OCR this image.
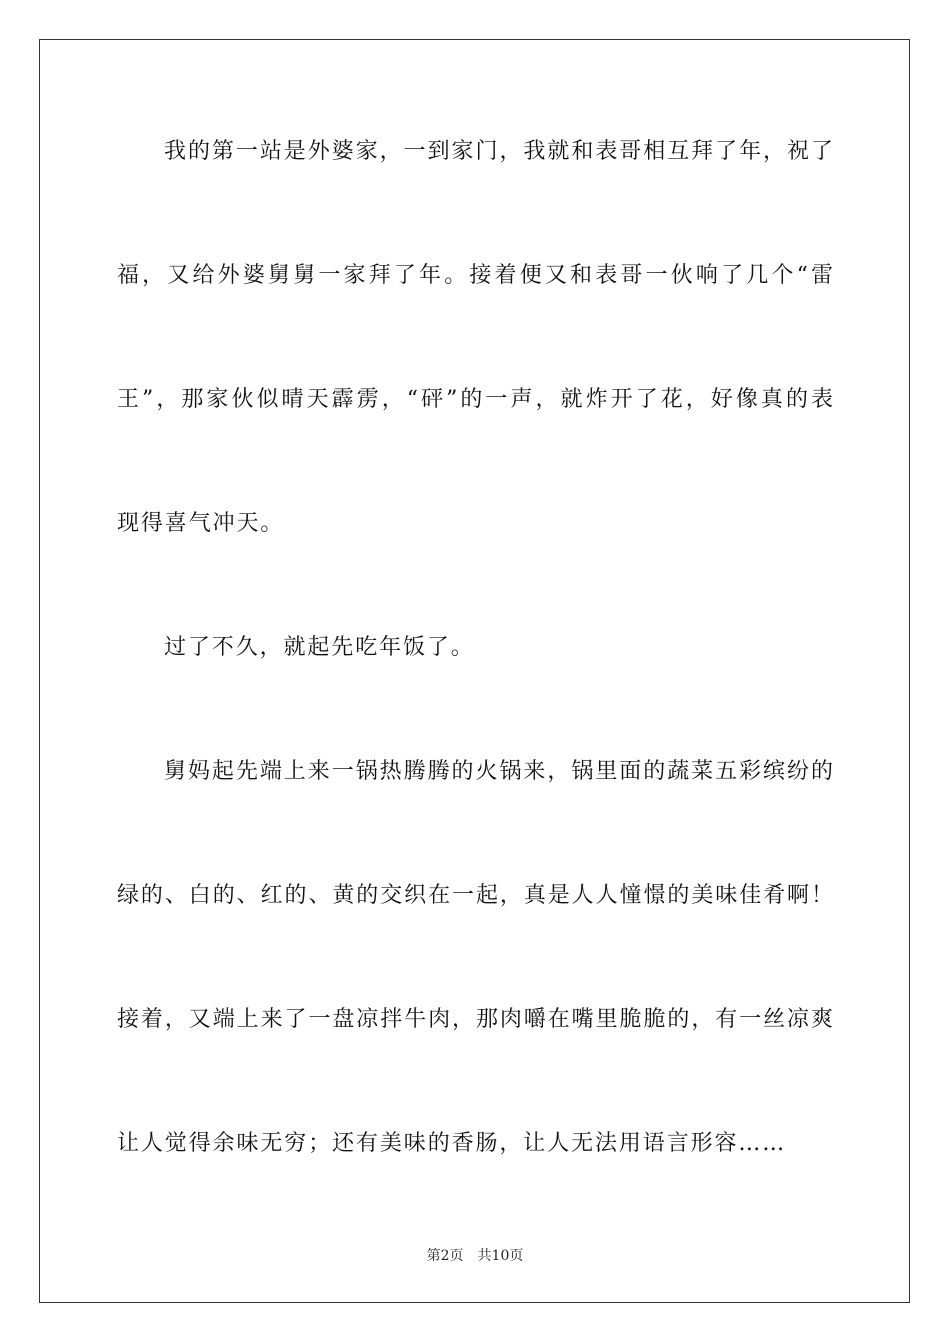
我的第一站是外婆家，一到家门，我就和表哥相互拜了年，祝了
福，又给外婆舅舅一家拜了年。接着便又和表哥一伙响了几个“雷
王”，那家伙似晴天霹雳，“砰”的一声，就炸开了花，好像真的表
现得喜气冲天。
过了不久，就起先吃年饭了。
舅妈起先端上来一锅热腾腾的火锅来，锅里面的蔬菜五彩缤纷的
绿的、白的、红的、黄的交织在一起，真是人人憧憬的美味佳肴啊！
接着，又端上来了一盘凉拌牛肉，那肉嚼在嘴里脆脆的，有一丝凉爽
让人觉得余味无穷；还有美味的香肠，让人无法用语言形容……
第2页 共10页
